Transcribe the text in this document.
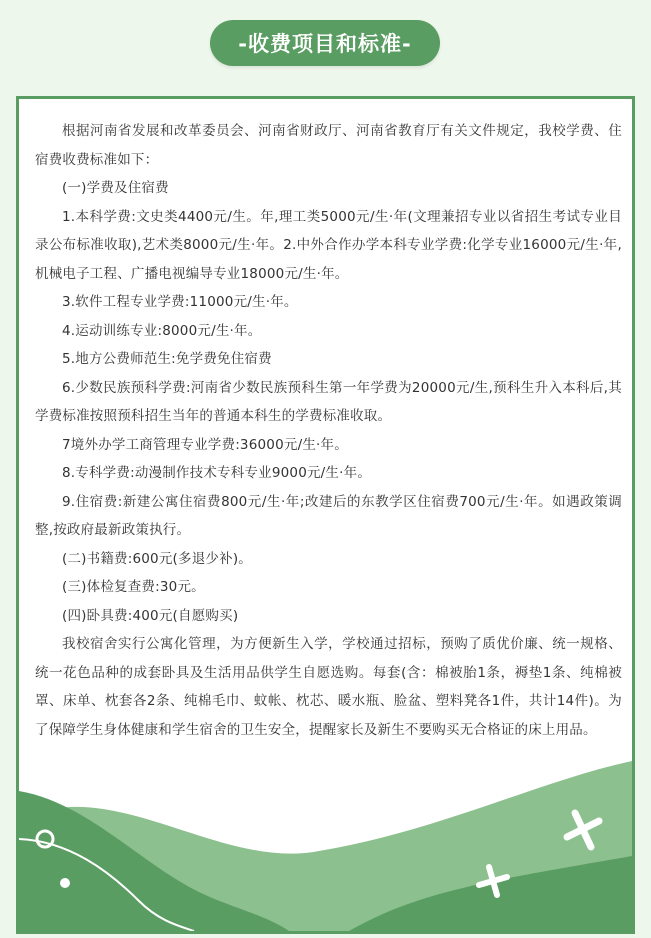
-收费项目和标准-

根据河南省发展和改革委员会、河南省财政厅、河南省教育厅有关文件规定，我校学费、住宿费收费标准如下：

(一)学费及住宿费

1.本科学费:文史类4400元/生。年,理工类5000元/生·年(文理兼招专业以省招生考试专业目录公布标准收取),艺术类8000元/生·年。2.中外合作办学本科专业学费:化学专业16000元/生·年,机械电子工程、广播电视编导专业18000元/生·年。

3.软件工程专业学费:11000元/生·年。

4.运动训练专业:8000元/生·年。

5.地方公费师范生:免学费免住宿费

6.少数民族预科学费:河南省少数民族预科生第一年学费为20000元/生,预科生升入本科后,其学费标准按照预科招生当年的普通本科生的学费标准收取。

7境外办学工商管理专业学费:36000元/生·年。

8.专科学费:动漫制作技术专科专业9000元/生·年。

9.住宿费:新建公寓住宿费800元/生·年;改建后的东教学区住宿费700元/生·年。如遇政策调整,按政府最新政策执行。

(二)书籍费:600元(多退少补)。

(三)体检复查费:30元。

(四)卧具费:400元(自愿购买)

我校宿舍实行公寓化管理，为方便新生入学，学校通过招标，预购了质优价廉、统一规格、统一花色品种的成套卧具及生活用品供学生自愿选购。每套(含：棉被胎1条，褥垫1条、纯棉被罩、床单、枕套各2条、纯棉毛巾、蚊帐、枕芯、暖水瓶、脸盆、塑料凳各1件，共计14件)。为了保障学生身体健康和学生宿舍的卫生安全，提醒家长及新生不要购买无合格证的床上用品。
